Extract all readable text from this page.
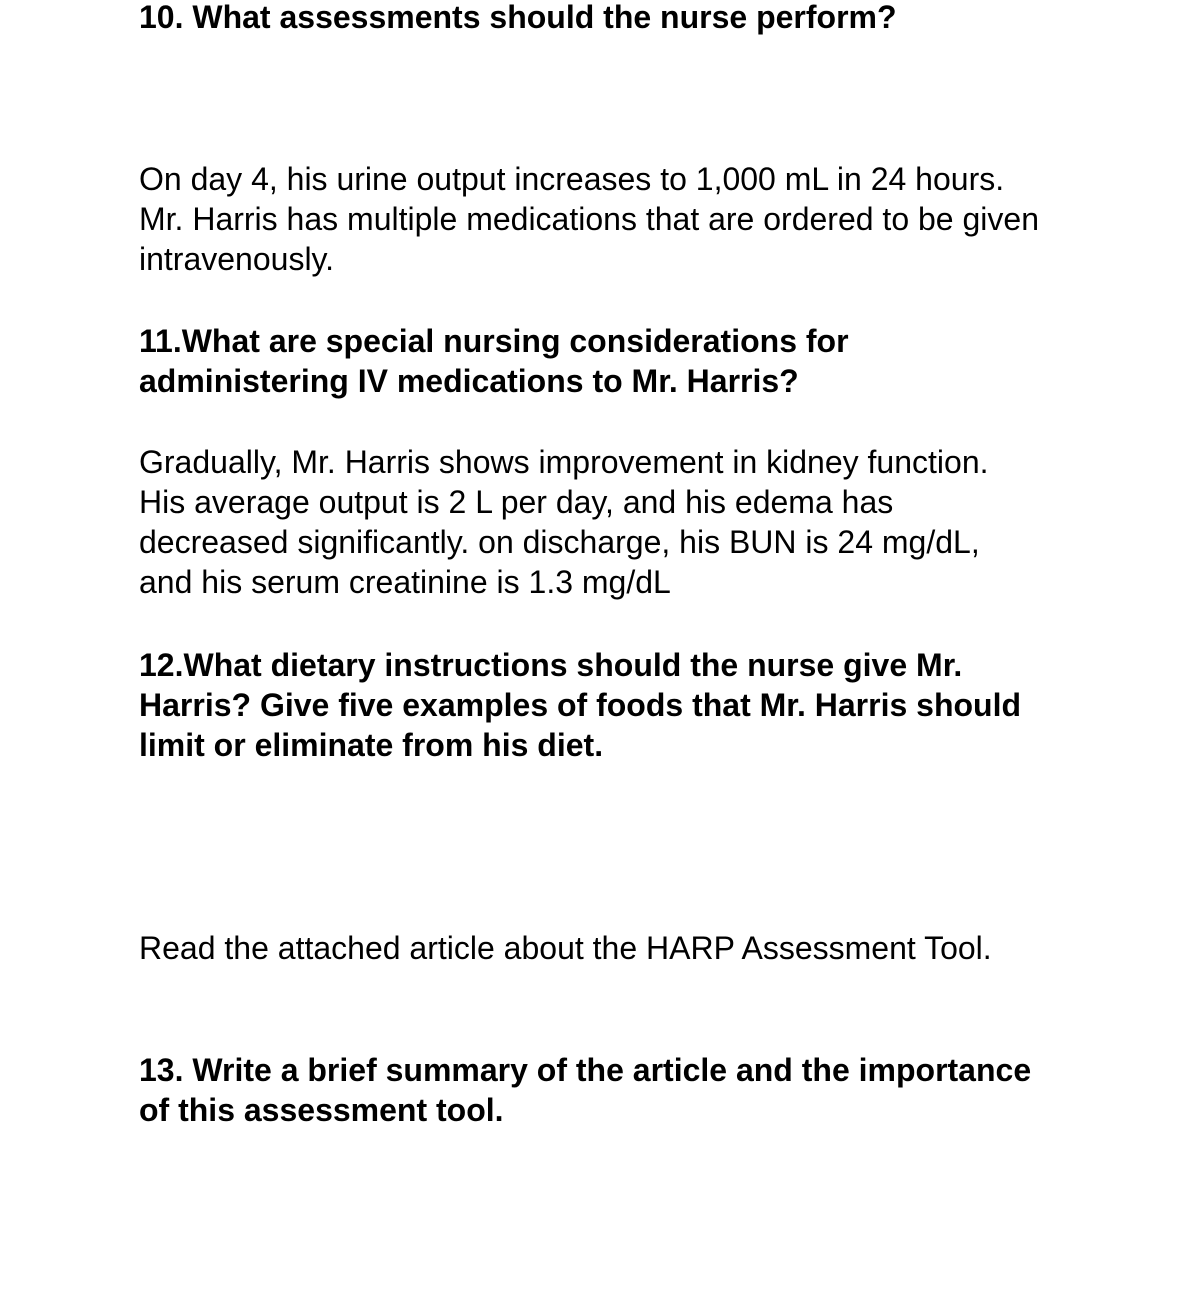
10. What assessments should the nurse perform?

On day 4, his urine output increases to 1,000 mL in 24 hours. Mr. Harris has multiple medications that are ordered to be given intravenously.

11.What are special nursing considerations for administering IV medications to Mr. Harris?

Gradually, Mr. Harris shows improvement in kidney function. His average output is 2 L per day, and his edema has decreased significantly. on discharge, his BUN is 24 mg/dL, and his serum creatinine is 1.3 mg/dL

12.What dietary instructions should the nurse give Mr. Harris? Give five examples of foods that Mr. Harris should limit or eliminate from his diet.

Read the attached article about the HARP Assessment Tool.

13. Write a brief summary of the article and the importance of this assessment tool.
